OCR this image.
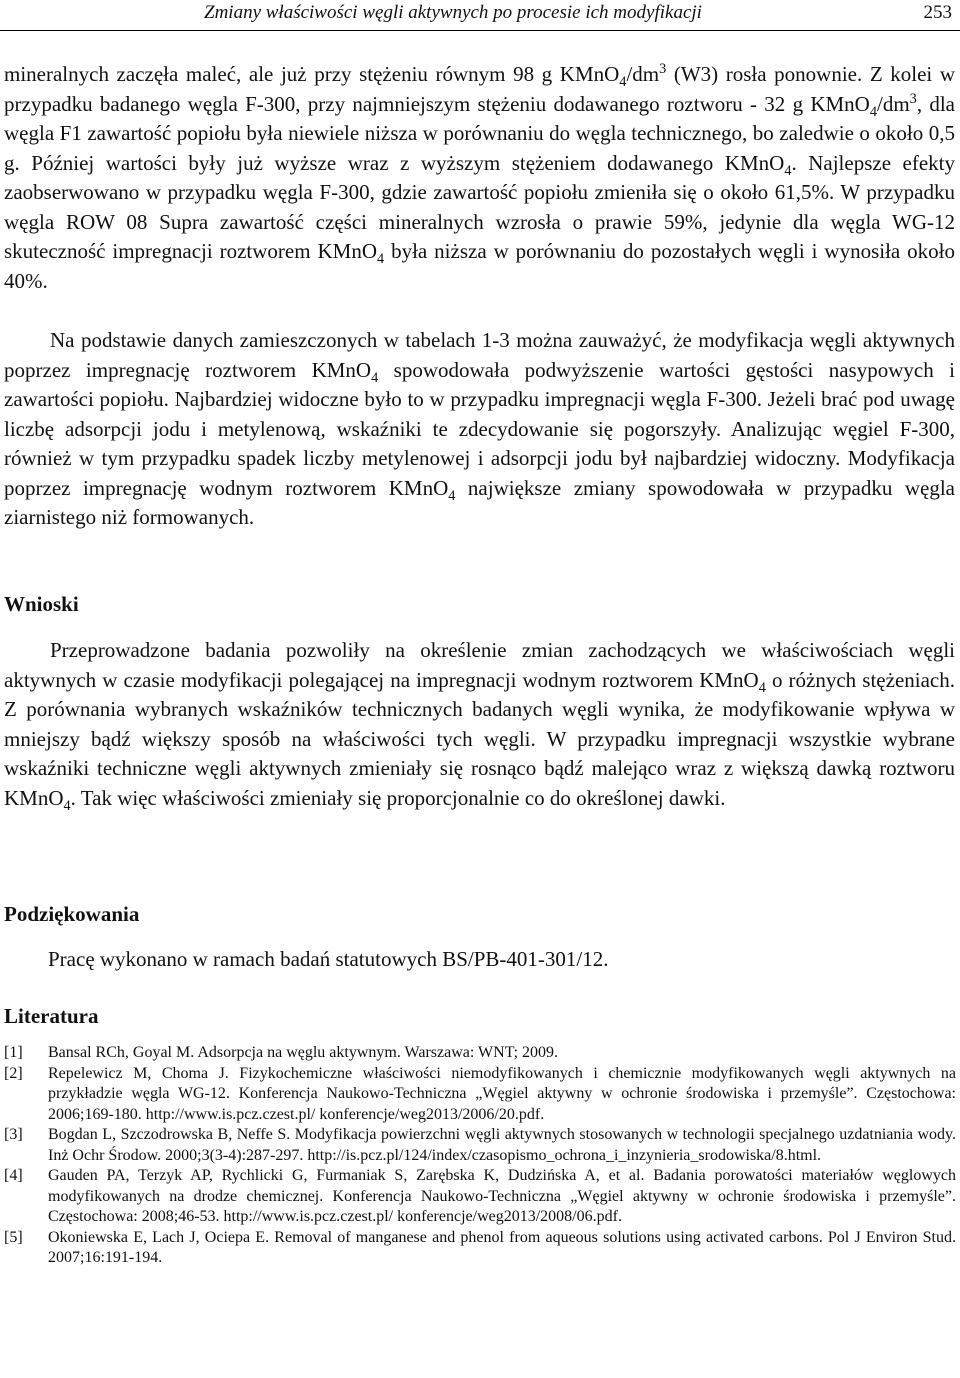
Zmiany właściwości węgli aktywnych po procesie ich modyfikacji	253
mineralnych zaczęła maleć, ale już przy stężeniu równym 98 g $KMnO_4/dm^3$ (W3) rosła ponownie. Z kolei w przypadku badanego węgla F-300, przy najmniejszym stężeniu dodawanego roztworu - 32 g $KMnO_4/dm^3$, dla węgla F1 zawartość popiołu była niewiele niższa w porównaniu do węgla technicznego, bo zaledwie o około 0,5 g. Później wartości były już wyższe wraz z wyższym stężeniem dodawanego KMnO$_4$. Najlepsze efekty zaobserwowano w przypadku węgla F-300, gdzie zawartość popiołu zmieniła się o około 61,5%. W przypadku węgla ROW 08 Supra zawartość części mineralnych wzrosła o prawie 59%, jedynie dla węgla WG-12 skuteczność impregnacji roztworem KMnO$_4$ była niższa w porównaniu do pozostałych węgli i wynosiła około 40%.
Na podstawie danych zamieszczonych w tabelach 1-3 można zauważyć, że modyfikacja węgli aktywnych poprzez impregnację roztworem KMnO$_4$ spowodowała podwyższenie wartości gęstości nasypowych i zawartości popiołu. Najbardziej widoczne było to w przypadku impregnacji węgla F-300. Jeżeli brać pod uwagę liczbę adsorpcji jodu i metylenową, wskaźniki te zdecydowanie się pogorszyły. Analizując węgiel F-300, również w tym przypadku spadek liczby metylenowej i adsorpcji jodu był najbardziej widoczny. Modyfikacja poprzez impregnację wodnym roztworem KMnO$_4$ największe zmiany spowodowała w przypadku węgla ziarnistego niż formowanych.
Wnioski
Przeprowadzone badania pozwoliły na określenie zmian zachodzących we właściwościach węgli aktywnych w czasie modyfikacji polegającej na impregnacji wodnym roztworem KMnO$_4$ o różnych stężeniach. Z porównania wybranych wskaźników technicznych badanych węgli wynika, że modyfikowanie wpływa w mniejszy bądź większy sposób na właściwości tych węgli. W przypadku impregnacji wszystkie wybrane wskaźniki techniczne węgli aktywnych zmieniały się rosnąco bądź malejąco wraz z większą dawką roztworu KMnO$_4$. Tak więc właściwości zmieniały się proporcjonalnie co do określonej dawki.
Podziękowania
Pracę wykonano w ramach badań statutowych BS/PB-401-301/12.
Literatura
[1]	Bansal RCh, Goyal M. Adsorpcja na węglu aktywnym. Warszawa: WNT; 2009.
[2]	Repelewicz M, Choma J. Fizykochemiczne właściwości niemodyfikowanych i chemicznie modyfikowanych węgli aktywnych na przykładzie węgla WG-12. Konferencja Naukowo-Techniczna „Węgiel aktywny w ochronie środowiska i przemyśle”. Częstochowa: 2006;169-180. http://www.is.pcz.czest.pl/ konferencje/weg2013/2006/20.pdf.
[3]	Bogdan L, Szczodrowska B, Neffe S. Modyfikacja powierzchni węgli aktywnych stosowanych w technologii specjalnego uzdatniania wody. Inż Ochr Środow. 2000;3(3-4):287-297. http://is.pcz.pl/124/index/czasopismo_ochrona_i_inzynieria_srodowiska/8.html.
[4]	Gauden PA, Terzyk AP, Rychlicki G, Furmaniak S, Zarębska K, Dudzińska A, et al. Badania porowatości materiałów węglowych modyfikowanych na drodze chemicznej. Konferencja Naukowo-Techniczna „Węgiel aktywny w ochronie środowiska i przemyśle”. Częstochowa: 2008;46-53. http://www.is.pcz.czest.pl/ konferencje/weg2013/2008/06.pdf.
[5]	Okoniewska E, Lach J, Ociepa E. Removal of manganese and phenol from aqueous solutions using activated carbons. Pol J Environ Stud. 2007;16:191-194.
